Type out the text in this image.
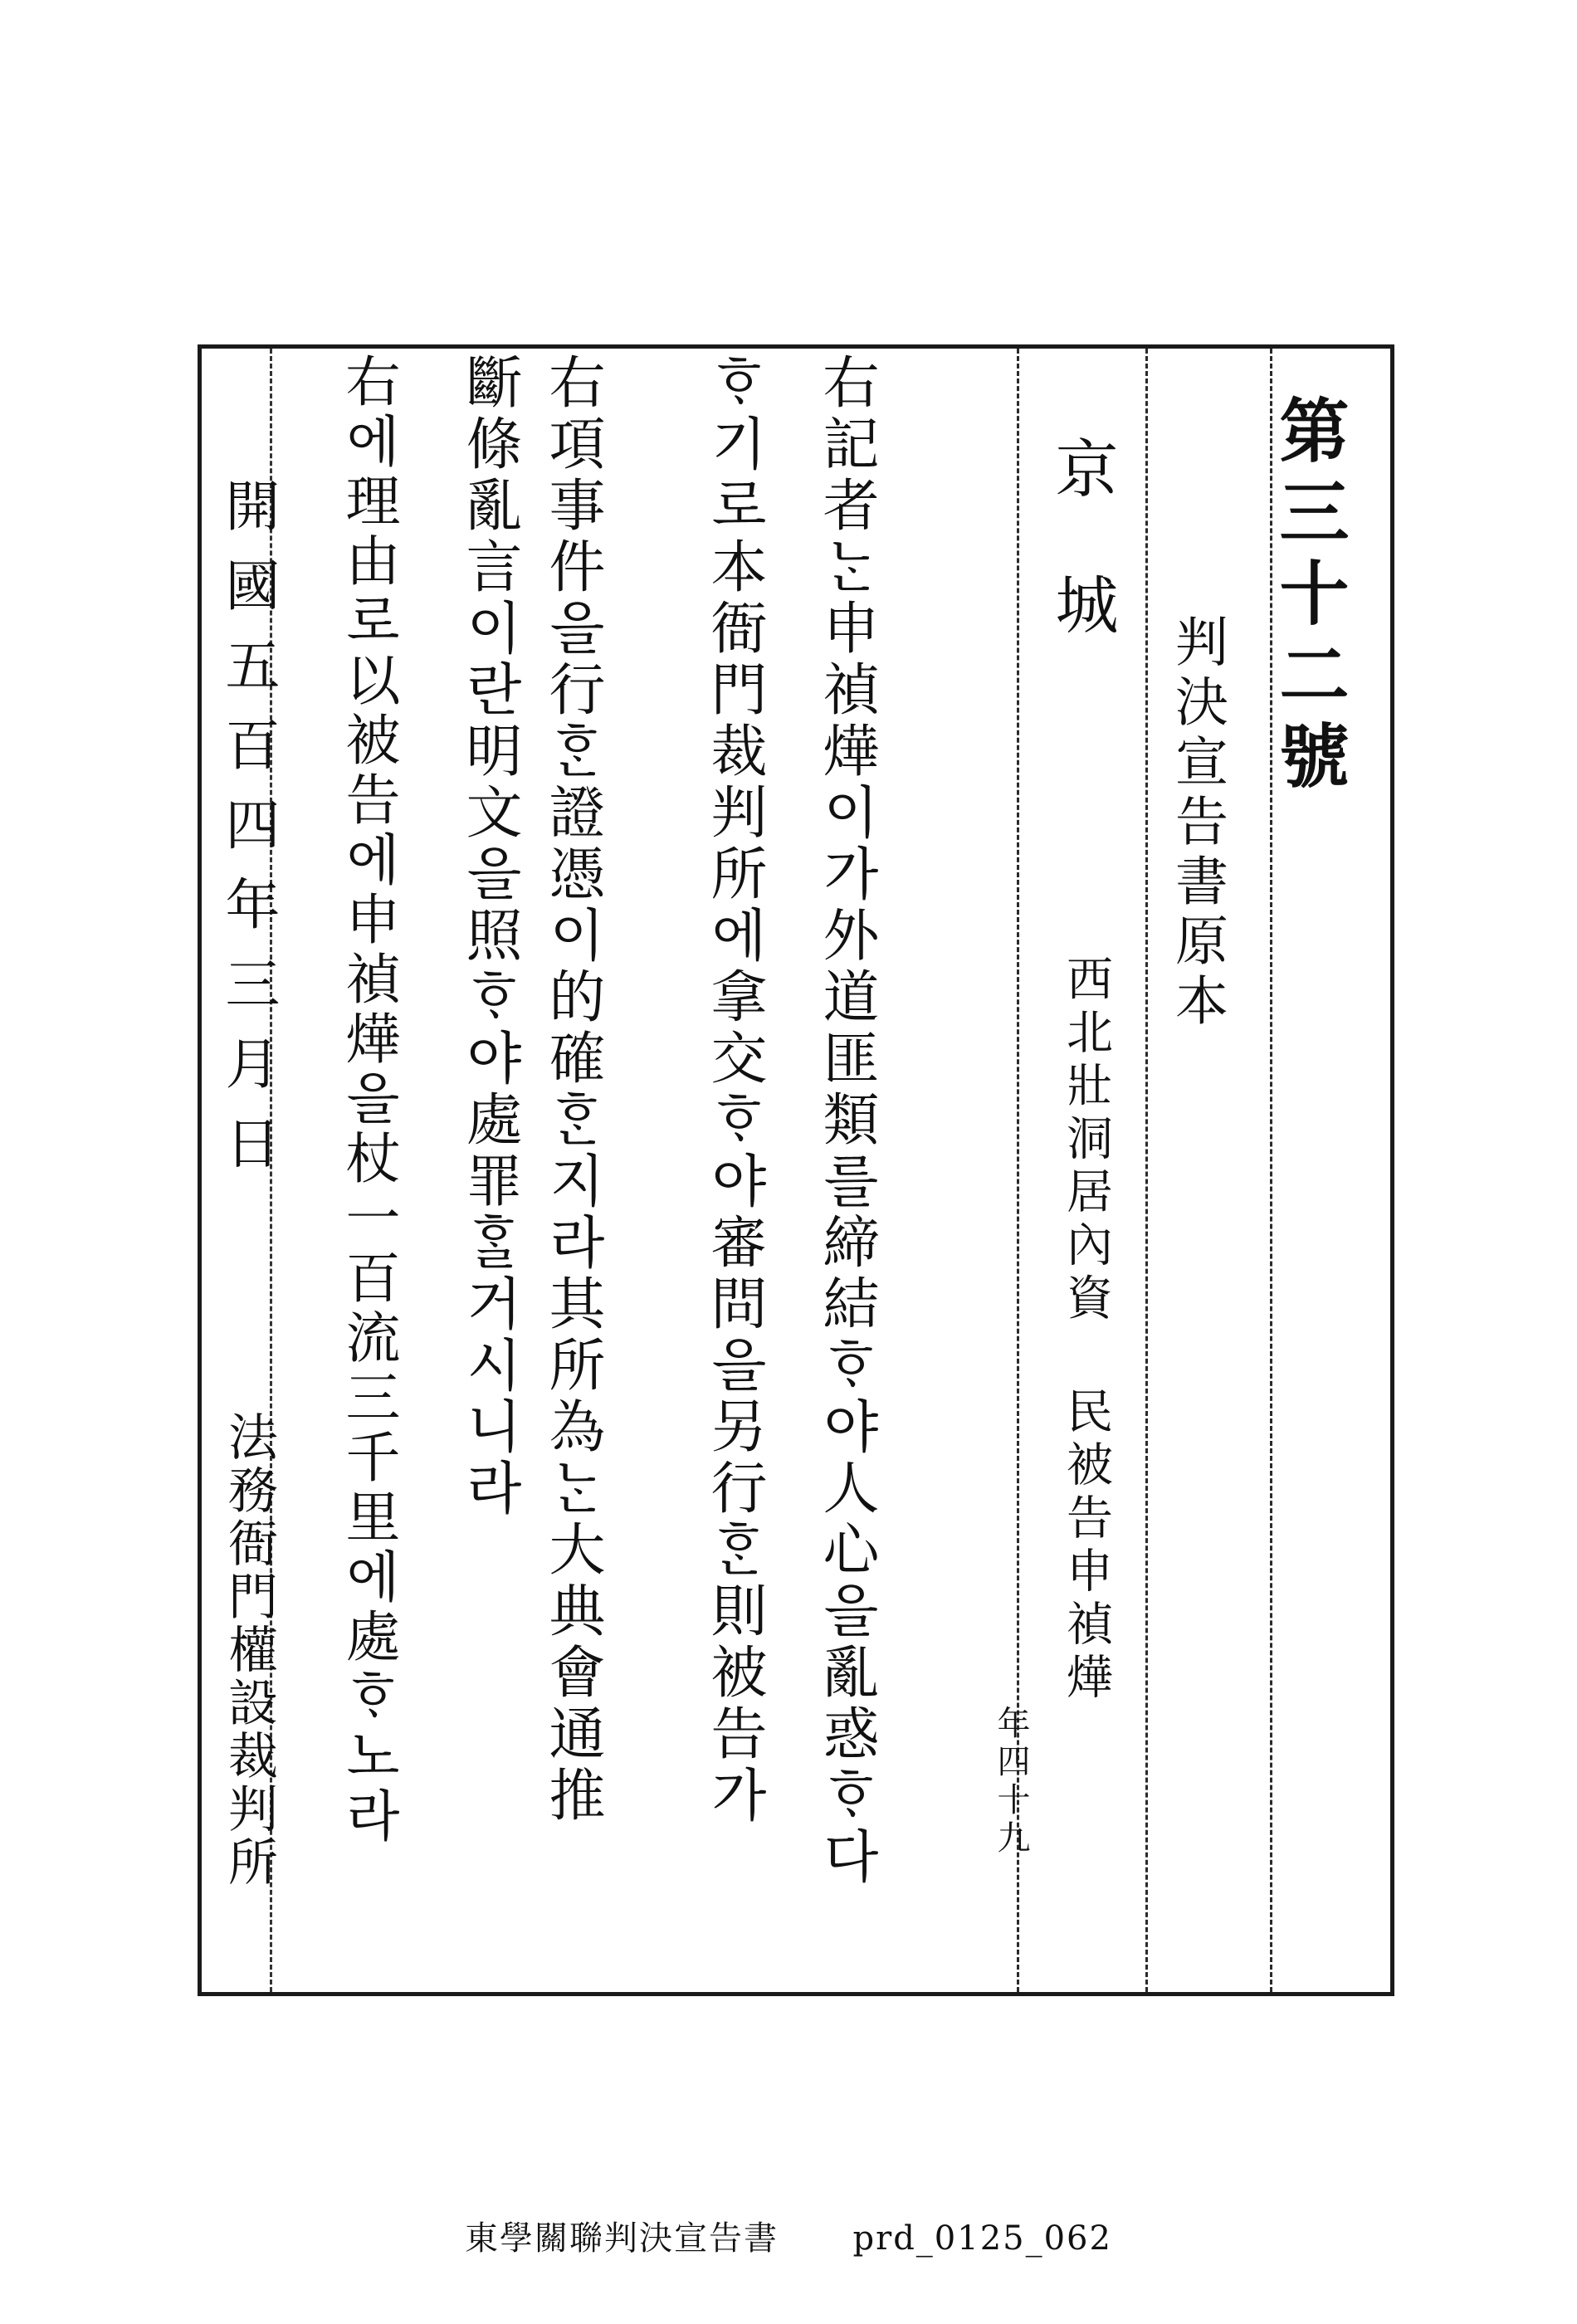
第三十二號
判決宣告書原本
京城
西北壯洞居內資 民被告申禎燁
年四十九
右記者ᄂᆞᆫ申禎燁이가外道匪類를締結ᄒᆞ야人心을亂惑ᄒᆞ다
ᄒᆞ기로本衙門裁判所에拿交ᄒᆞ야審問을另行ᄒᆞᆫ則被告가
右項事件을行ᄒᆞᆫ證憑이的確ᄒᆞᆫ지라其所為ᄂᆞᆫ大典會通推
斷條亂言이란明文을照ᄒᆞ야處罪ᄒᆞᆯ거시니라
右에理由로以被告에申禎燁을杖一百流三千里에處ᄒᆞ노라
開國五百四年三月日
法務衙門權設裁判所
東學關聯判決宣告書 prd_0125_062
